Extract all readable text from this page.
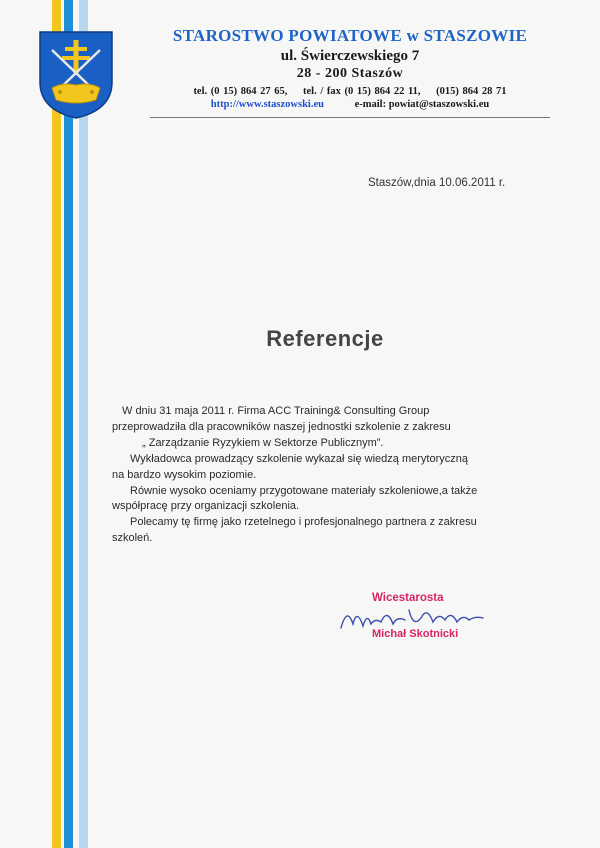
STAROSTWO POWIATOWE w STASZOWIE
ul. Świerczewskiego 7
28 - 200 Staszów
tel. (0 15) 864 27 65, tel. / fax (0 15) 864 22 11, (015) 864 28 71
http://www.staszowski.eu	e-mail: powiat@staszowski.eu
Staszów,dnia 10.06.2011 r.
Referencje

W dniu 31 maja 2011 r. Firma ACC Training& Consulting Group

przeprowadziła dla pracowników naszej jednostki szkolenie z zakresu

„ Zarządzanie Ryzykiem w Sektorze Publicznym”.

Wykładowca prowadzący szkolenie wykazał się wiedzą merytoryczną

na bardzo wysokim poziomie.

Równie wysoko oceniamy przygotowane materiały szkoleniowe,a także

współpracę przy organizacji szkolenia.

Polecamy tę firmę jako rzetelnego i profesjonalnego partnera z zakresu

szkoleń.

Wicestarosta
Michał Skotnicki
